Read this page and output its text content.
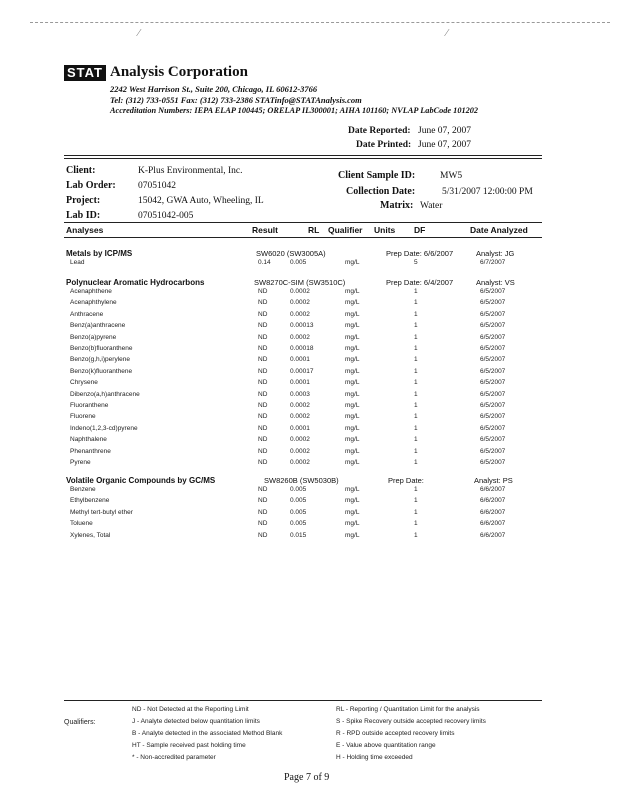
⁄	⁄
STAT Analysis Corporation
2242 West Harrison St., Suite 200, Chicago, IL 60612-3766
Tel: (312) 733-0551 Fax: (312) 733-2386 STATinfo@STATAnalysis.com
Accreditation Numbers: IEPA ELAP 100445; ORELAP IL300001; AIHA 101160; NVLAP LabCode 101202
Date Reported: June 07, 2007
Date Printed: June 07, 2007
Client:	K-Plus Environmental, Inc.
Lab Order: 07051042
Project:	15042, GWA Auto, Wheeling, IL
Lab ID:	07051042-005
Client Sample ID:	MW5
Collection Date:	5/31/2007 12:00:00 PM
Matrix: Water
Analyses	Result	RL Qualifier Units DF	Date Analyzed
Metals by ICP/MS	SW6020 (SW3005A)	Prep Date: 6/6/2007	Analyst: JG
Lead	0.14	0.005	mg/L	5	6/7/2007
Polynuclear Aromatic Hydrocarbons	SW8270C-SIM (SW3510C)	Prep Date: 6/4/2007	Analyst: VS
Acenaphthene	ND	0.0002	mg/L	1	6/5/2007
Acenaphthylene	ND	0.0002	mg/L	1	6/5/2007
Anthracene	ND	0.0002	mg/L	1	6/5/2007
Benz(a)anthracene	ND	0.00013	mg/L	1	6/5/2007
Benzo(a)pyrene	ND	0.0002	mg/L	1	6/5/2007
Benzo(b)fluoranthene	ND	0.00018	mg/L	1	6/5/2007
Benzo(g,h,i)perylene	ND	0.0001	mg/L	1	6/5/2007
Benzo(k)fluoranthene	ND	0.00017	mg/L	1	6/5/2007
Chrysene	ND	0.0001	mg/L	1	6/5/2007
Dibenzo(a,h)anthracene	ND	0.0003	mg/L	1	6/5/2007
Fluoranthene	ND	0.0002	mg/L	1	6/5/2007
Fluorene	ND	0.0002	mg/L	1	6/5/2007
Indeno(1,2,3-cd)pyrene	ND	0.0001	mg/L	1	6/5/2007
Naphthalene	ND	0.0002	mg/L	1	6/5/2007
Phenanthrene	ND	0.0002	mg/L	1	6/5/2007
Pyrene	ND	0.0002	mg/L	1	6/5/2007
Volatile Organic Compounds by GC/MS	SW8260B (SW5030B)	Prep Date:	Analyst: PS
Benzene	ND	0.005	mg/L	1	6/6/2007
Ethylbenzene	ND	0.005	mg/L	1	6/6/2007
Methyl tert-butyl ether	ND	0.005	mg/L	1	6/6/2007
Toluene	ND	0.005	mg/L	1	6/6/2007
Xylenes, Total	ND	0.015	mg/L	1	6/6/2007
Qualifiers:
ND - Not Detected at the Reporting Limit
J - Analyte detected below quantitation limits
B - Analyte detected in the associated Method Blank
HT - Sample received past holding time
* - Non-accredited parameter
RL - Reporting / Quantitation Limit for the analysis
S - Spike Recovery outside accepted recovery limits
R - RPD outside accepted recovery limits
E - Value above quantitation range
H - Holding time exceeded
Page 7 of 9
